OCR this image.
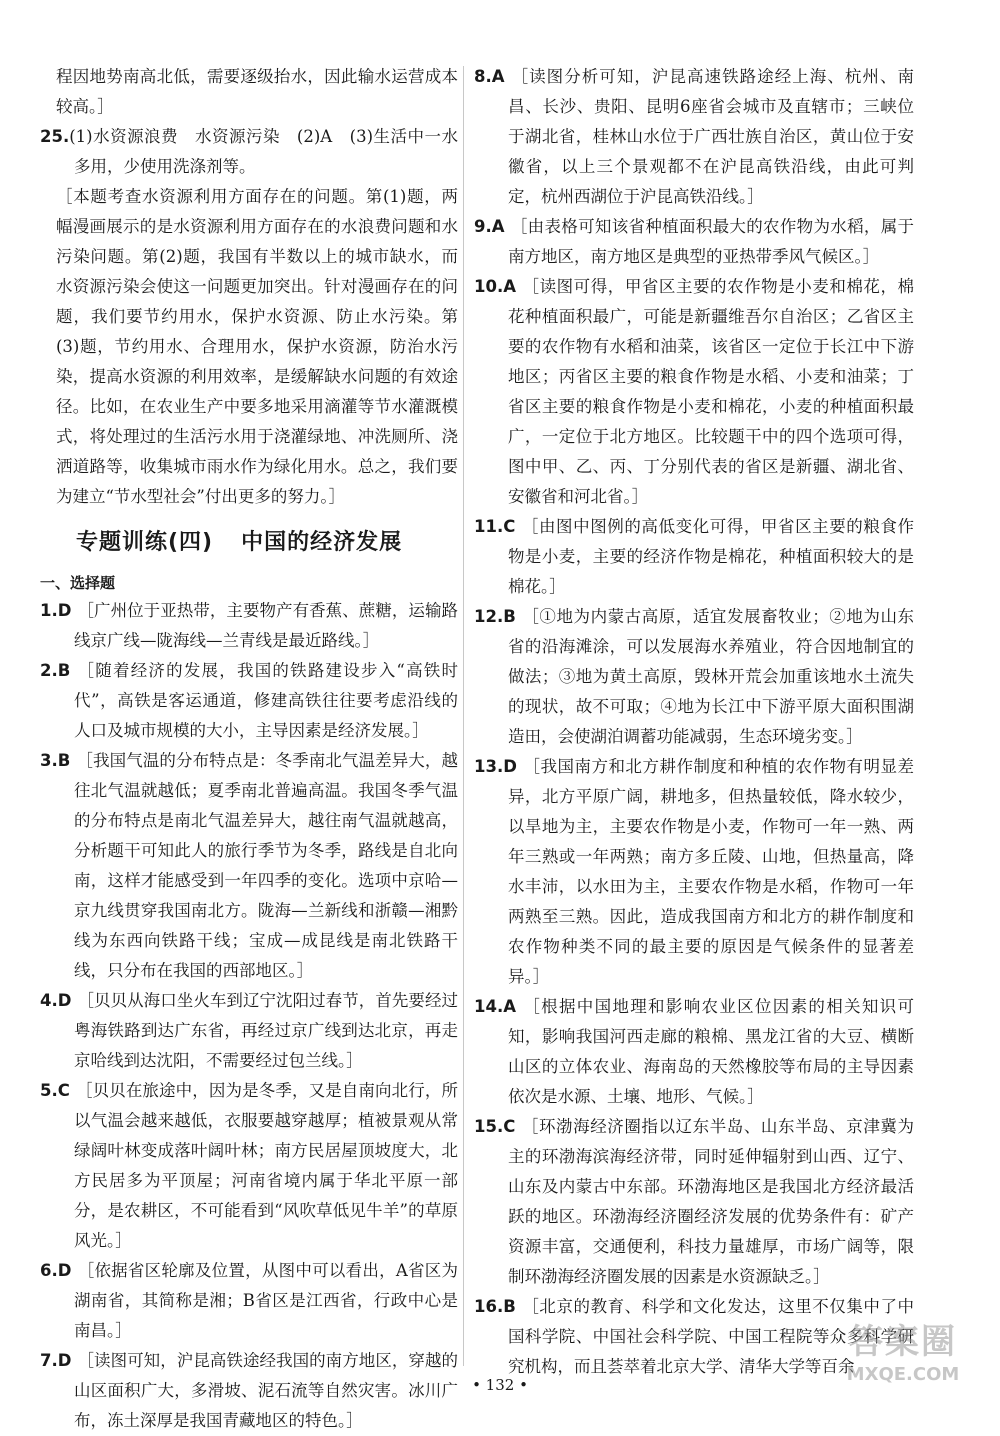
程因地势南高北低，需要逐级抬水，因此输水运营成本较高。］

25.(1)水资源浪费　水资源污染　(2)A　(3)生活中一水多用，少使用洗涤剂等。

［本题考查水资源利用方面存在的问题。第(1)题，两幅漫画展示的是水资源利用方面存在的水浪费问题和水污染问题。第(2)题，我国有半数以上的城市缺水，而水资源污染会使这一问题更加突出。针对漫画存在的问题，我们要节约用水，保护水资源、防止水污染。第(3)题，节约用水、合理用水，保护水资源，防治水污染，提高水资源的利用效率，是缓解缺水问题的有效途径。比如，在农业生产中要多地采用滴灌等节水灌溉模式，将处理过的生活污水用于浇灌绿地、冲洗厕所、浇洒道路等，收集城市雨水作为绿化用水。总之，我们要为建立“节水型社会”付出更多的努力。］

专题训练(四) 中国的经济发展

一、选择题

1.D ［广州位于亚热带，主要物产有香蕉、蔗糖，运输路线京广线—陇海线—兰青线是最近路线。］

2.B ［随着经济的发展，我国的铁路建设步入“高铁时代”，高铁是客运通道，修建高铁往往要考虑沿线的人口及城市规模的大小，主导因素是经济发展。］

3.B ［我国气温的分布特点是：冬季南北气温差异大，越往北气温就越低；夏季南北普遍高温。我国冬季气温的分布特点是南北气温差异大，越往南气温就越高，分析题干可知此人的旅行季节为冬季，路线是自北向南，这样才能感受到一年四季的变化。选项中京哈—京九线贯穿我国南北方。陇海—兰新线和浙赣—湘黔线为东西向铁路干线；宝成—成昆线是南北铁路干线，只分布在我国的西部地区。］

4.D ［贝贝从海口坐火车到辽宁沈阳过春节，首先要经过粤海铁路到达广东省，再经过京广线到达北京，再走京哈线到达沈阳，不需要经过包兰线。］

5.C ［贝贝在旅途中，因为是冬季，又是自南向北行，所以气温会越来越低，衣服要越穿越厚；植被景观从常绿阔叶林变成落叶阔叶林；南方民居屋顶坡度大，北方民居多为平顶屋；河南省境内属于华北平原一部分，是农耕区，不可能看到“风吹草低见牛羊”的草原风光。］

6.D ［依据省区轮廓及位置，从图中可以看出，A省区为湖南省，其简称是湘；B省区是江西省，行政中心是南昌。］

7.D ［读图可知，沪昆高铁途经我国的南方地区，穿越的山区面积广大，多滑坡、泥石流等自然灾害。冰川广布，冻土深厚是我国青藏地区的特色。］

8.A ［读图分析可知，沪昆高速铁路途经上海、杭州、南昌、长沙、贵阳、昆明6座省会城市及直辖市；三峡位于湖北省，桂林山水位于广西壮族自治区，黄山位于安徽省，以上三个景观都不在沪昆高铁沿线，由此可判定，杭州西湖位于沪昆高铁沿线。］

9.A ［由表格可知该省种植面积最大的农作物为水稻，属于南方地区，南方地区是典型的亚热带季风气候区。］

10.A ［读图可得，甲省区主要的农作物是小麦和棉花，棉花种植面积最广，可能是新疆维吾尔自治区；乙省区主要的农作物有水稻和油菜，该省区一定位于长江中下游地区；丙省区主要的粮食作物是水稻、小麦和油菜；丁省区主要的粮食作物是小麦和棉花，小麦的种植面积最广，一定位于北方地区。比较题干中的四个选项可得，图中甲、乙、丙、丁分别代表的省区是新疆、湖北省、安徽省和河北省。］

11.C ［由图中图例的高低变化可得，甲省区主要的粮食作物是小麦，主要的经济作物是棉花，种植面积较大的是棉花。］

12.B ［①地为内蒙古高原，适宜发展畜牧业；②地为山东省的沿海滩涂，可以发展海水养殖业，符合因地制宜的做法；③地为黄土高原，毁林开荒会加重该地水土流失的现状，故不可取；④地为长江中下游平原大面积围湖造田，会使湖泊调蓄功能减弱，生态环境劣变。］

13.D ［我国南方和北方耕作制度和种植的农作物有明显差异，北方平原广阔，耕地多，但热量较低，降水较少，以旱地为主，主要农作物是小麦，作物可一年一熟、两年三熟或一年两熟；南方多丘陵、山地，但热量高，降水丰沛，以水田为主，主要农作物是水稻，作物可一年两熟至三熟。因此，造成我国南方和北方的耕作制度和农作物种类不同的最主要的原因是气候条件的显著差异。］

14.A ［根据中国地理和影响农业区位因素的相关知识可知，影响我国河西走廊的粮棉、黑龙江省的大豆、横断山区的立体农业、海南岛的天然橡胶等布局的主导因素依次是水源、土壤、地形、气候。］

15.C ［环渤海经济圈指以辽东半岛、山东半岛、京津冀为主的环渤海滨海经济带，同时延伸辐射到山西、辽宁、山东及内蒙古中东部。环渤海地区是我国北方经济最活跃的地区。环渤海经济圈经济发展的优势条件有：矿产资源丰富，交通便利，科技力量雄厚，市场广阔等，限制环渤海经济圈发展的因素是水资源缺乏。］

16.B ［北京的教育、科学和文化发达，这里不仅集中了中国科学院、中国社会科学院、中国工程院等众多科学研究机构，而且荟萃着北京大学、清华大学等百余

• 132 •
答案圈
MXQE.COM
